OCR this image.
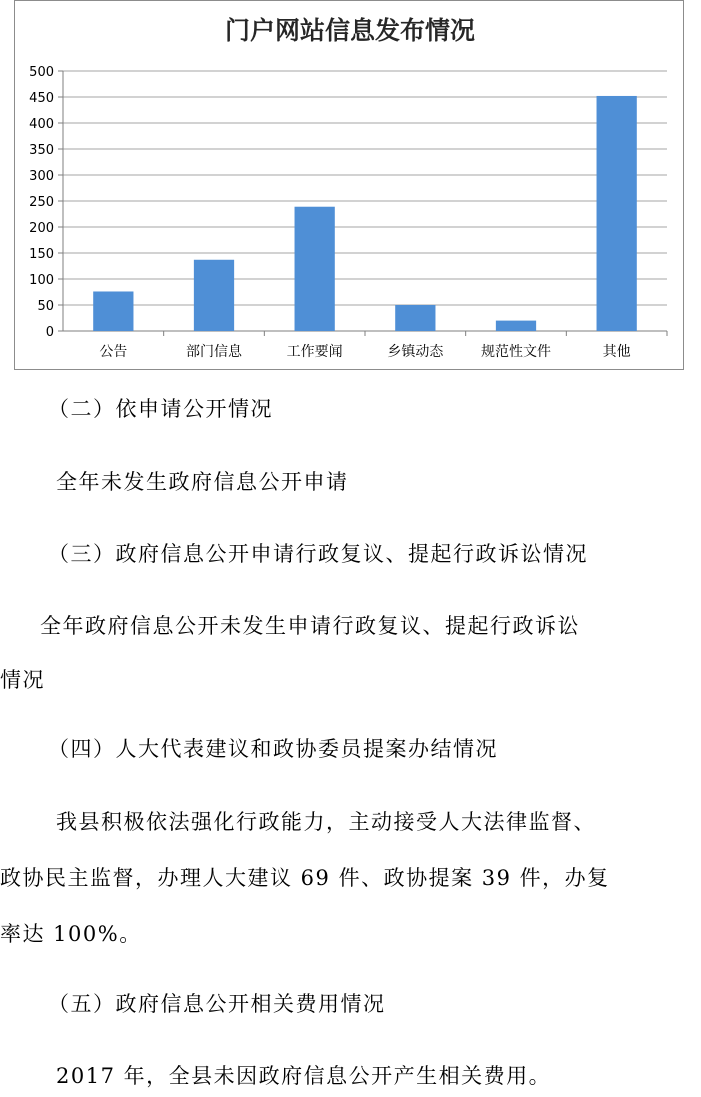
门户网站信息发布情况
0
50
100
150
200
250
300
350
400
450
500
公告	部门信息	工作要闻	乡镇动态	规范性文件	其他
（二）依申请公开情况
全年未发生政府信息公开申请
（三）政府信息公开申请行政复议、提起行政诉讼情况
全年政府信息公开未发生申请行政复议、提起行政诉讼
情况
（四）人大代表建议和政协委员提案办结情况
我县积极依法强化行政能力，主动接受人大法律监督、
政协民主监督，办理人大建议 69 件、政协提案 39 件，办复
率达 100%。
（五）政府信息公开相关费用情况
2017 年，全县未因政府信息公开产生相关费用。
